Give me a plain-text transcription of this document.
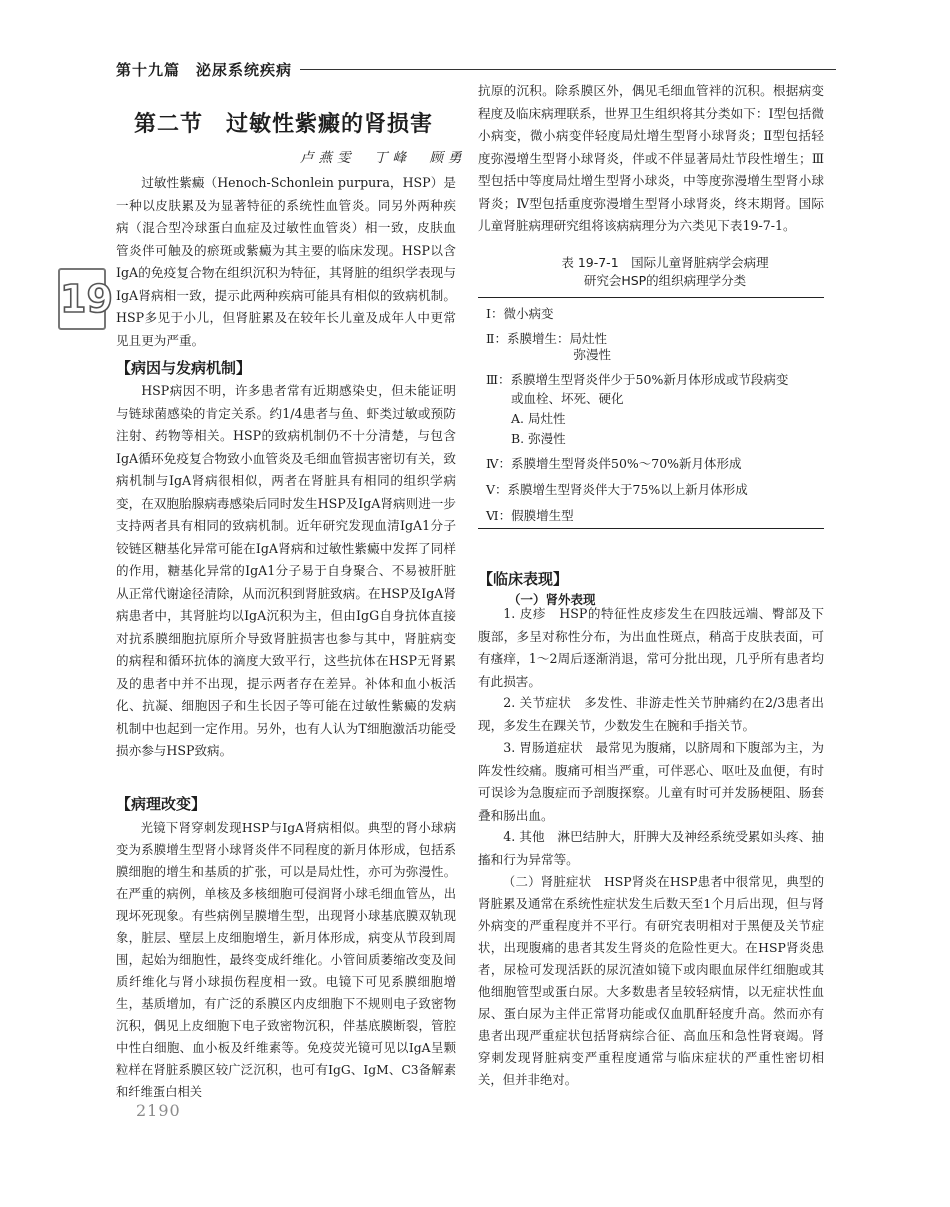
第十九篇　泌尿系统疾病
19
第二节　过敏性紫癜的肾损害
卢燕雯　丁峰　顾勇

过敏性紫癜（Henoch-Schonlein purpura，HSP）是一种以皮肤累及为显著特征的系统性血管炎。同另外两种疾病（混合型冷球蛋白血症及过敏性血管炎）相一致，皮肤血管炎伴可触及的瘀斑或紫癜为其主要的临床发现。HSP以含IgA的免疫复合物在组织沉积为特征，其肾脏的组织学表现与IgA肾病相一致，提示此两种疾病可能具有相似的致病机制。HSP多见于小儿，但肾脏累及在较年长儿童及成年人中更常见且更为严重。

【病因与发病机制】

HSP病因不明，许多患者常有近期感染史，但未能证明与链球菌感染的肯定关系。约1/4患者与鱼、虾类过敏或预防注射、药物等相关。HSP的致病机制仍不十分清楚，与包含IgA循环免疫复合物致小血管炎及毛细血管损害密切有关，致病机制与IgA肾病很相似，两者在肾脏具有相同的组织学病变，在双胞胎腺病毒感染后同时发生HSP及IgA肾病则进一步支持两者具有相同的致病机制。近年研究发现血清IgA1分子铰链区糖基化异常可能在IgA肾病和过敏性紫癜中发挥了同样的作用，糖基化异常的IgA1分子易于自身聚合、不易被肝脏从正常代谢途径清除，从而沉积到肾脏致病。在HSP及IgA肾病患者中，其肾脏均以IgA沉积为主，但由IgG自身抗体直接对抗系膜细胞抗原所介导致肾脏损害也参与其中，肾脏病变的病程和循环抗体的滴度大致平行，这些抗体在HSP无肾累及的患者中并不出现，提示两者存在差异。补体和血小板活化、抗凝、细胞因子和生长因子等可能在过敏性紫癜的发病机制中也起到一定作用。另外，也有人认为T细胞激活功能受损亦参与HSP致病。

【病理改变】

光镜下肾穿刺发现HSP与IgA肾病相似。典型的肾小球病变为系膜增生型肾小球肾炎伴不同程度的新月体形成，包括系膜细胞的增生和基质的扩张，可以是局灶性，亦可为弥漫性。在严重的病例，单核及多核细胞可侵润肾小球毛细血管丛，出现坏死现象。有些病例呈膜增生型，出现肾小球基底膜双轨现象，脏层、壁层上皮细胞增生，新月体形成，病变从节段到周围，起始为细胞性，最终变成纤维化。小管间质萎缩改变及间质纤维化与肾小球损伤程度相一致。电镜下可见系膜细胞增生，基质增加，有广泛的系膜区内皮细胞下不规则电子致密物沉积，偶见上皮细胞下电子致密物沉积，伴基底膜断裂，管腔中性白细胞、血小板及纤维素等。免疫荧光镜可见以IgA呈颗粒样在肾脏系膜区较广泛沉积，也可有IgG、IgM、C3备解素和纤维蛋白相关

2190

抗原的沉积。除系膜区外，偶见毛细血管袢的沉积。根据病变程度及临床病理联系，世界卫生组织将其分类如下：Ⅰ型包括微小病变，微小病变伴轻度局灶增生型肾小球肾炎；Ⅱ型包括轻度弥漫增生型肾小球肾炎，伴或不伴显著局灶节段性增生；Ⅲ型包括中等度局灶增生型肾小球炎，中等度弥漫增生型肾小球肾炎；Ⅳ型包括重度弥漫增生型肾小球肾炎，终末期肾。国际儿童肾脏病理研究组将该病病理分为六类见下表19-7-1。

表 19-7-1　国际儿童肾脏病学会病理
研究会HSP的组织病理学分类
Ⅰ：微小病变
Ⅱ：系膜增生：局灶性
　　　　　　　弥漫性
Ⅲ：系膜增生型肾炎伴少于50%新月体形成或节段病变
　　或血栓、坏死、硬化
　　A. 局灶性
　　B. 弥漫性
Ⅳ：系膜增生型肾炎伴50%～70%新月体形成
Ⅴ：系膜增生型肾炎伴大于75%以上新月体形成
Ⅵ：假膜增生型
【临床表现】
（一）肾外表现

1. 皮疹　HSP的特征性皮疹发生在四肢远端、臀部及下腹部，多呈对称性分布，为出血性斑点，稍高于皮肤表面，可有瘙痒，1～2周后逐渐消退，常可分批出现，几乎所有患者均有此损害。

2. 关节症状　多发性、非游走性关节肿痛约在2/3患者出现，多发生在踝关节，少数发生在腕和手指关节。

3. 胃肠道症状　最常见为腹痛，以脐周和下腹部为主，为阵发性绞痛。腹痛可相当严重，可伴恶心、呕吐及血便，有时可误诊为急腹症而予剖腹探察。儿童有时可并发肠梗阻、肠套叠和肠出血。

4. 其他　淋巴结肿大，肝脾大及神经系统受累如头疼、抽搐和行为异常等。

（二）肾脏症状　HSP肾炎在HSP患者中很常见，典型的肾脏累及通常在系统性症状发生后数天至1个月后出现，但与肾外病变的严重程度并不平行。有研究表明相对于黑便及关节症状，出现腹痛的患者其发生肾炎的危险性更大。在HSP肾炎患者，尿检可发现活跃的尿沉渣如镜下或肉眼血尿伴红细胞或其他细胞管型或蛋白尿。大多数患者呈较轻病情，以无症状性血尿、蛋白尿为主伴正常肾功能或仅血肌酐轻度升高。然而亦有患者出现严重症状包括肾病综合征、高血压和急性肾衰竭。肾穿刺发现肾脏病变严重程度通常与临床症状的严重性密切相关，但并非绝对。
